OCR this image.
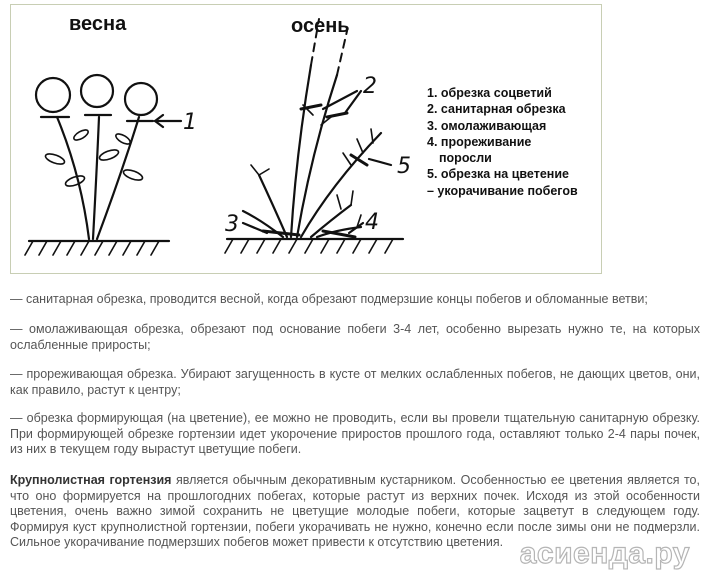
1
2
3	4
5
весна	осень
1. обрезка соцветий
2. санитарная обрезка
3. омолаживающая
4. прореживание
поросли
5. обрезка на цветение
– укорачивание побегов

— санитарная обрезка, проводится весной, когда обрезают подмерзшие концы побегов и обломанные ветви;

— омолаживающая обрезка, обрезают под основание побеги 3-4 лет, особенно вырезать нужно те, на которых ослабленные приросты;

— прореживающая обрезка. Убирают загущенность в кусте от мелких ослабленных побегов, не дающих цветов, они, как правило, растут к центру;

— обрезка формирующая (на цветение), ее можно не проводить, если вы провели тщательную санитарную обрезку. При формирующей обрезке гортензии идет укорочение приростов прошлого года, оставляют только 2-4 пары почек, из них в текущем году вырастут цветущие побеги.

Крупнолистная гортензия является обычным декоративным кустарником. Особенностью ее цветения является то, что оно формируется на прошлогодних побегах, которые растут из верхних почек. Исходя из этой особенности цветения, очень важно зимой сохранить не цветущие молодые побеги, которые зацветут в следующем году. Формируя куст крупнолистной гортензии, побеги укорачивать не нужно, конечно если после зимы они не подмерзли. Сильное укорачивание подмерзших побегов может привести к отсутствию цветения. асиенда.ру
